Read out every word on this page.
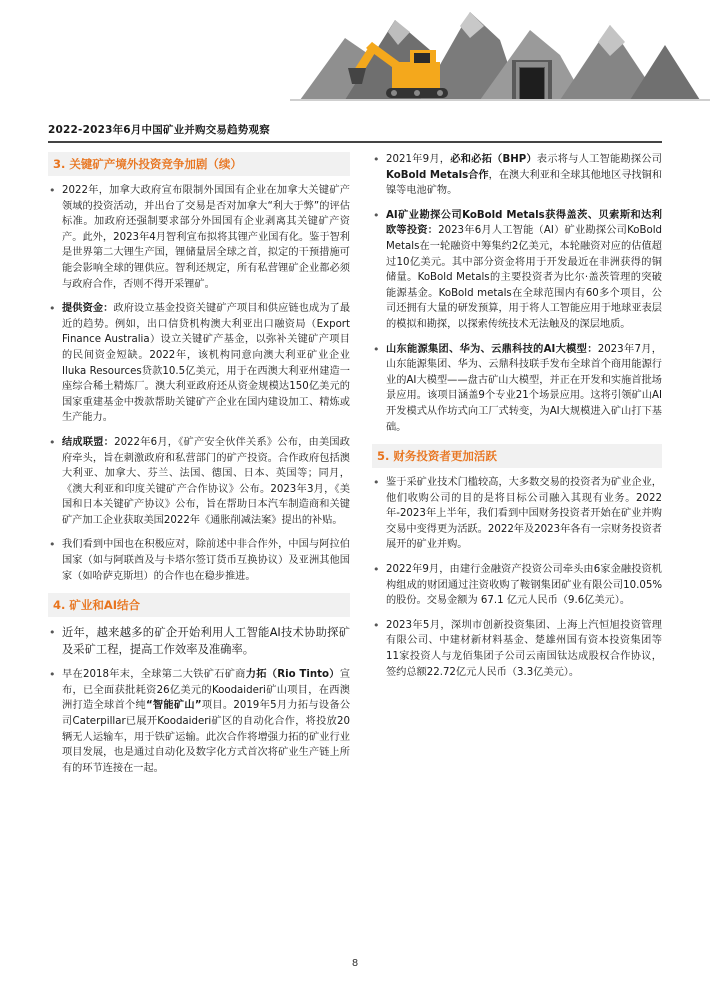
2022-2023年6月中国矿业并购交易趋势观察
3. 关键矿产境外投资竞争加剧（续）
• 2022年，加拿大政府宣布限制外国国有企业在加拿大关键矿产领域的投资活动，并出台了交易是否对加拿大“利大于弊”的评估标准。加政府还强制要求部分外国国有企业剥离其关键矿产资产。此外，2023年4月智利宣布拟将其锂产业国有化。鉴于智利是世界第二大锂生产国，锂储量居全球之首，拟定的干预措施可能会影响全球的锂供应。智利还规定，所有私营锂矿企业都必须与政府合作，否则不得开采锂矿。
• 提供资金：政府设立基金投资关键矿产项目和供应链也成为了最近的趋势。例如，出口信贷机构澳大利亚出口融资局（Export Finance Australia）设立关键矿产基金，以弥补关键矿产项目的民间资金短缺。2022年，该机构同意向澳大利亚矿业企业Iluka Resources贷款10.5亿美元，用于在西澳大利亚州建造一座综合稀土精炼厂。澳大利亚政府还从资金规模达150亿美元的国家重建基金中拨款帮助关键矿产企业在国内建设加工、精炼或生产能力。
• 结成联盟：2022年6月，《矿产安全伙伴关系》公布，由美国政府牵头，旨在刺激政府和私营部门的矿产投资。合作政府包括澳大利亚、加拿大、芬兰、法国、德国、日本、英国等；同月，《澳大利亚和印度关键矿产合作协议》公布。2023年3月，《美国和日本关键矿产协议》公布，旨在帮助日本汽车制造商和关键矿产加工企业获取美国2022年《通胀削减法案》提出的补贴。
• 我们看到中国也在积极应对，除前述中非合作外，中国与阿拉伯国家（如与阿联酋及与卡塔尔签订货币互换协议）及亚洲其他国家（如哈萨克斯坦）的合作也在稳步推进。
4. 矿业和AI结合
• 近年，越来越多的矿企开始利用人工智能AI技术协助探矿及采矿工程，提高工作效率及准确率。
• 早在2018年末，全球第二大铁矿石矿商力拓（Rio Tinto）宣布，已全面获批耗资26亿美元的Koodaideri矿山项目，在西澳洲打造全球首个纯“智能矿山”项目。2019年5月力拓与设备公司Caterpillar已展开Koodaideri矿区的自动化合作，将投放20辆无人运输车，用于铁矿运输。此次合作将增强力拓的矿业行业项目发展，也是通过自动化及数字化方式首次将矿业生产链上所有的环节连接在一起。
• 2021年9月，必和必拓（BHP）表示将与人工智能勘探公司KoBold Metals合作，在澳大利亚和全球其他地区寻找铜和镍等电池矿物。
• AI矿业勘探公司KoBold Metals获得盖茨、贝索斯和达利欧等投资：2023年6月人工智能（AI）矿业勘探公司KoBold Metals在一轮融资中筹集约2亿美元，本轮融资对应的估值超过10亿美元。其中部分资金将用于开发最近在非洲获得的铜储量。KoBold Metals的主要投资者为比尔·盖茨管理的突破能源基金。KoBold metals在全球范围内有60多个项目，公司还拥有大量的研发预算，用于将人工智能应用于地球亚表层的模拟和勘探，以探索传统技术无法触及的深层地质。
• 山东能源集团、华为、云鼎科技的AI大模型：2023年7月，山东能源集团、华为、云鼎科技联手发布全球首个商用能源行业的AI大模型——盘古矿山大模型，并正在开发和实施首批场景应用。该项目涵盖9个专业21个场景应用。这将引领矿山AI开发模式从作坊式向工厂式转变，为AI大规模进入矿山打下基础。
5. 财务投资者更加活跃
• 鉴于采矿业技术门槛较高，大多数交易的投资者为矿业企业，他们收购公司的目的是将目标公司融入其现有业务。2022年-2023年上半年，我们看到中国财务投资者开始在矿业并购交易中变得更为活跃。2022年及2023年各有一宗财务投资者展开的矿业并购。
• 2022年9月，由建行金融资产投资公司牵头由6家金融投资机构组成的财团通过注资收购了鞍钢集团矿业有限公司10.05% 的股份。交易金额为 67.1 亿元人民币（9.6亿美元）。
• 2023年5月，深圳市创新投资集团、上海上汽恒旭投资管理有限公司、中建材新材料基金、楚雄州国有资本投资集团等11家投资人与龙佰集团子公司云南国钛达成股权合作协议，签约总额22.72亿元人民币（3.3亿美元）。
8
